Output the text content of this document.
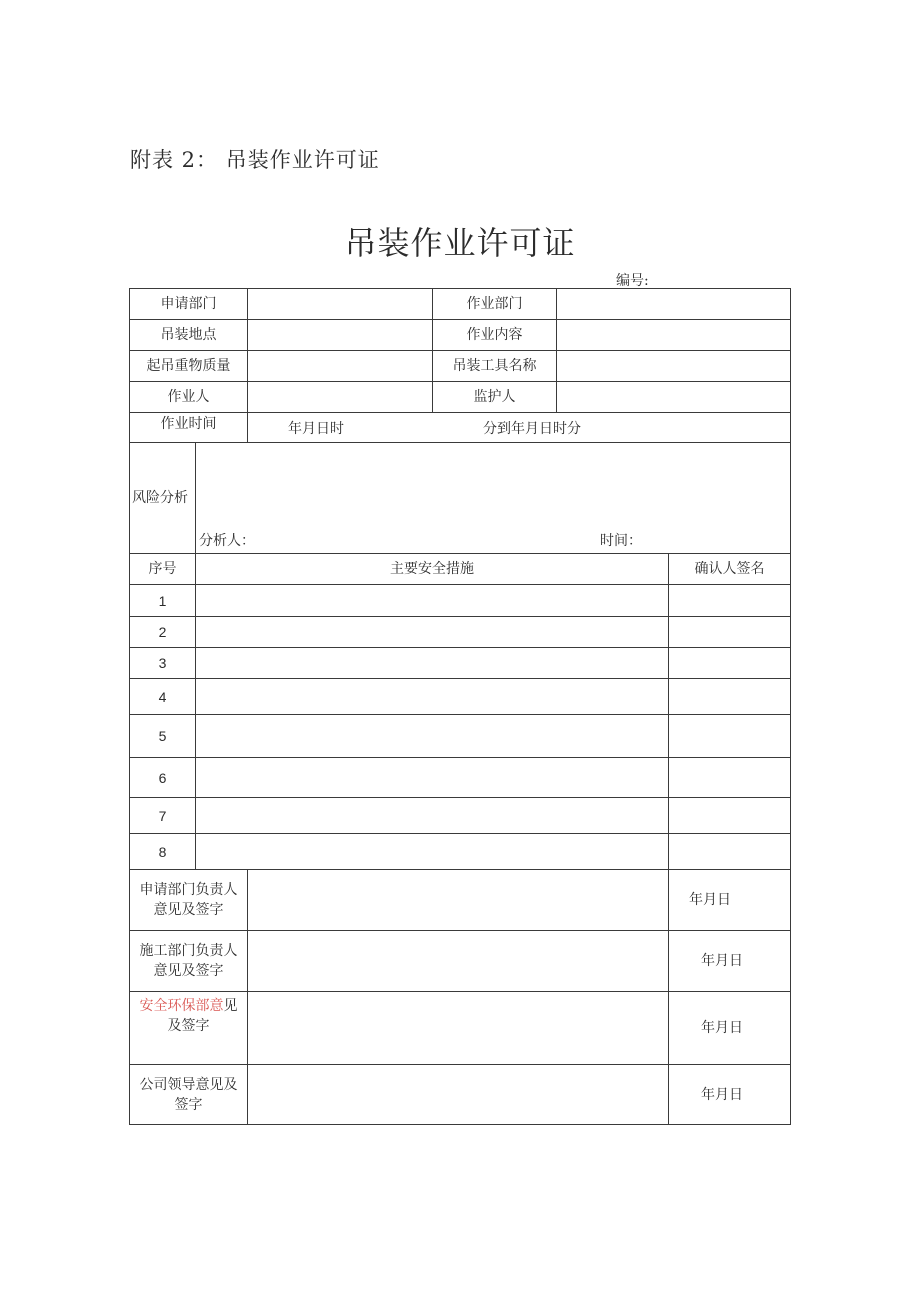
附表 2： 吊装作业许可证
吊装作业许可证
编号:
申请部门			作业部门		
吊装地点			作业内容		
起吊重物质量			吊装工具名称		
作业人			监护人		
作业时间		年月日时 分到年月日时分			

风险分析	分析人： 时间：				

序号	主要安全措施				确认人签名
1					
2					
3					
4					
5					
6					
7					
8					

申请部门负责人
意见及签字					年月日

施工部门负责人
意见及签字					年月日

安全环保部意见
及签字					年月日

公司领导意见及
签字					年月日
